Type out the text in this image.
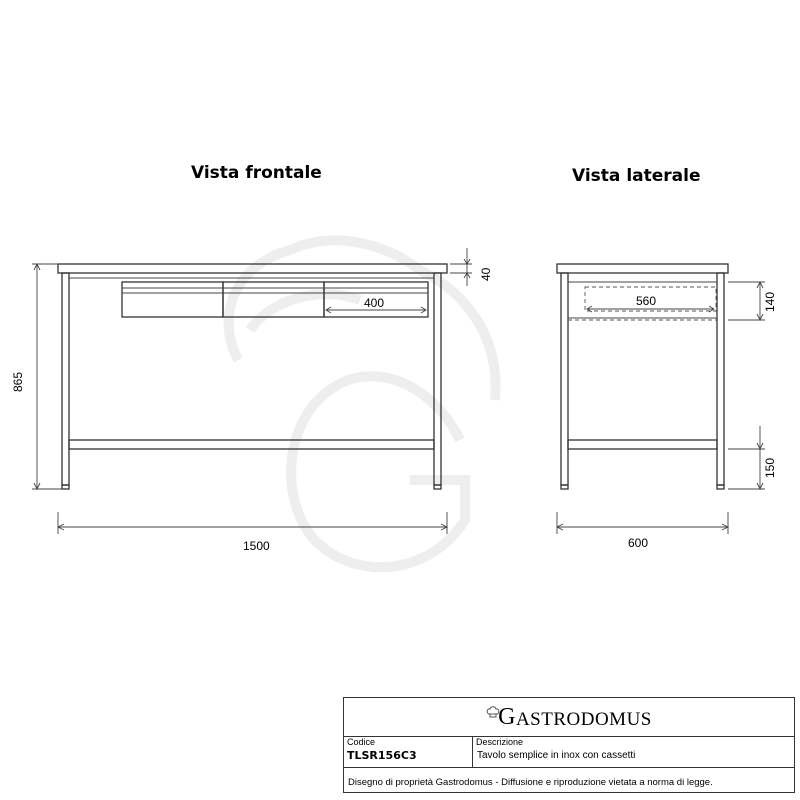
Vista frontale	Vista laterale
400
40
865
1500
560	140
150
600
G ASTRODOMUS
Codice
TLSR156C3
Descrizione
Tavolo semplice in inox con cassetti
Disegno di proprietà Gastrodomus - Diffusione e riproduzione vietata a norma di legge.
